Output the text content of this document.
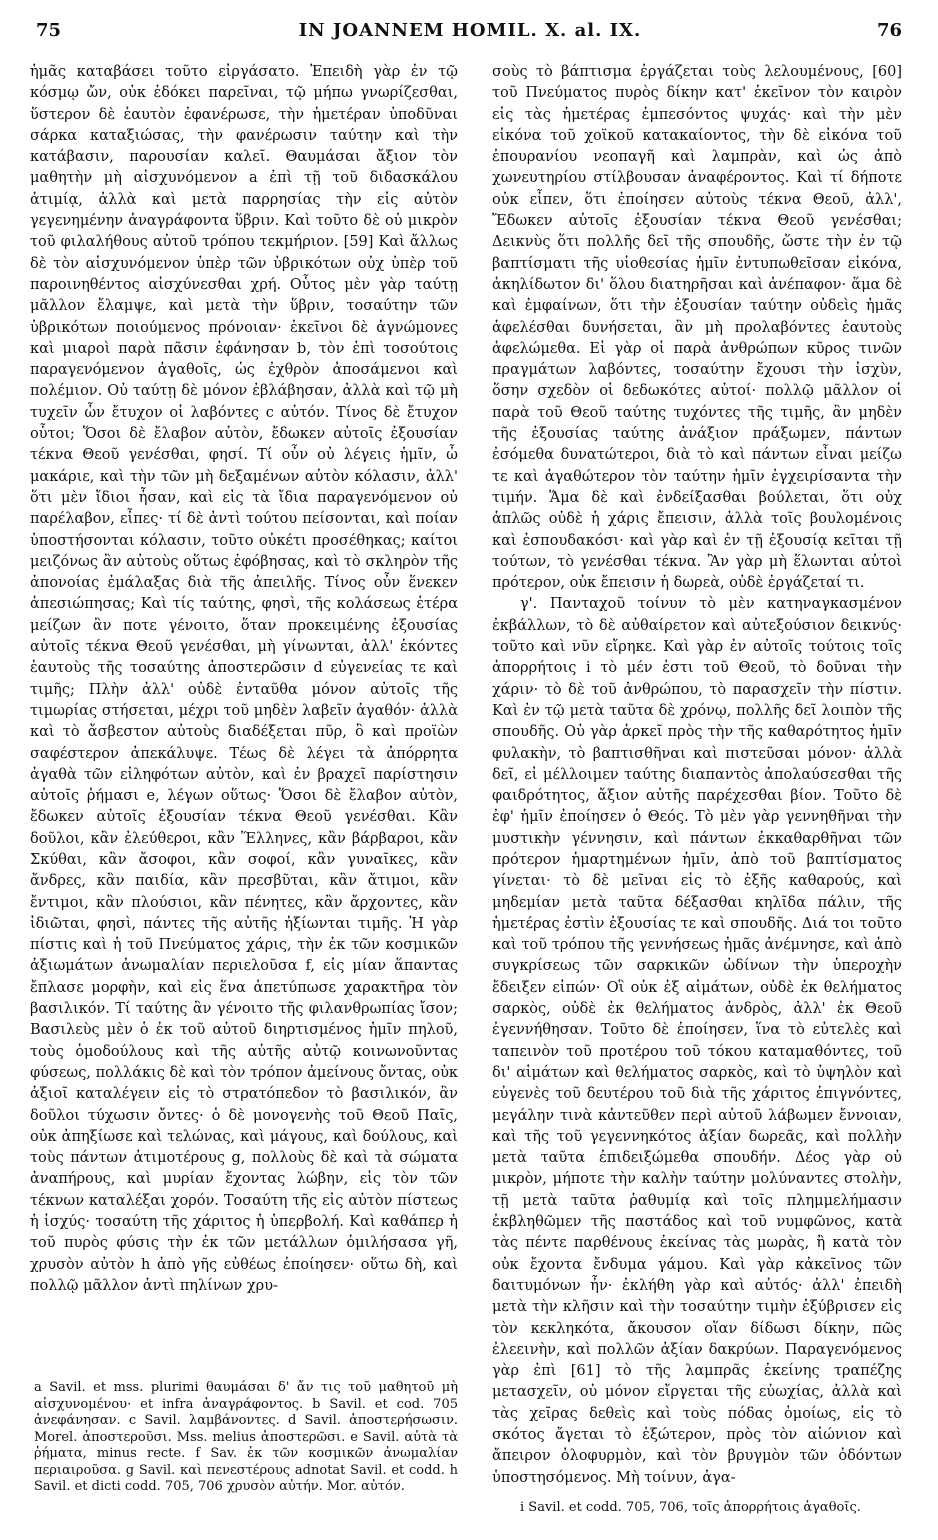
75	IN JOANNEM HOMIL. X. al. IX.	76

ἡμᾶς καταβάσει τοῦτο εἰργάσατο. Ἐπειδὴ γὰρ ἐν τῷ κόσμῳ ὤν, οὐκ ἐδόκει παρεῖναι, τῷ μήπω γνωρίζεσθαι, ὕστερον δὲ ἑαυτὸν ἐφανέρωσε, τὴν ἡμετέραν ὑποδῦναι σάρκα καταξιώσας, τὴν φανέρωσιν ταύτην καὶ τὴν κατάβασιν, παρουσίαν καλεῖ. Θαυμάσαι ἄξιον τὸν μαθητὴν μὴ αἰσχυνόμενον a ἐπὶ τῇ τοῦ διδασκάλου ἀτιμίᾳ, ἀλλὰ καὶ μετὰ παρρησίας τὴν εἰς αὐτὸν γεγενημένην ἀναγράφοντα ὕβριν. Καὶ τοῦτο δὲ οὐ μικρὸν τοῦ φιλαλήθους αὐτοῦ τρόπου τεκμήριον. [59] Καὶ ἄλλως δὲ τὸν αἰσχυνόμενον ὑπὲρ τῶν ὑβρικότων οὐχ ὑπὲρ τοῦ παροινηθέντος αἰσχύνεσθαι χρή. Οὗτος μὲν γὰρ ταύτῃ μᾶλλον ἔλαμψε, καὶ μετὰ τὴν ὕβριν, τοσαύτην τῶν ὑβρικότων ποιούμενος πρόνοιαν· ἐκεῖνοι δὲ ἀγνώμονες καὶ μιαροὶ παρὰ πᾶσιν ἐφάνησαν b, τὸν ἐπὶ τοσούτοις παραγενόμενον ἀγαθοῖς, ὡς ἐχθρὸν ἀποσάμενοι καὶ πολέμιον. Οὐ ταύτῃ δὲ μόνον ἐβλάβησαν, ἀλλὰ καὶ τῷ μὴ τυχεῖν ὧν ἔτυχον οἱ λαβόντες c αὐτόν. Τίνος δὲ ἔτυχον οὗτοι; Ὅσοι δὲ ἔλαβον αὐτὸν, ἔδωκεν αὐτοῖς ἐξουσίαν τέκνα Θεοῦ γενέσθαι, φησί. Τί οὖν οὐ λέγεις ἡμῖν, ὦ μακάριε, καὶ τὴν τῶν μὴ δεξαμένων αὐτὸν κόλασιν, ἀλλ' ὅτι μὲν ἴδιοι ἦσαν, καὶ εἰς τὰ ἴδια παραγενόμενον οὐ παρέλαβον, εἶπες· τί δὲ ἀντὶ τούτου πείσονται, καὶ ποίαν ὑποστήσονται κόλασιν, τοῦτο οὐκέτι προσέθηκας; καίτοι μειζόνως ἂν αὐτοὺς οὕτως ἐφόβησας, καὶ τὸ σκληρὸν τῆς ἀπονοίας ἐμάλαξας διὰ τῆς ἀπειλῆς. Τίνος οὖν ἕνεκεν ἀπεσιώπησας; Καὶ τίς ταύτης, φησὶ, τῆς κολάσεως ἑτέρα μείζων ἂν ποτε γένοιτο, ὅταν προκειμένης ἐξουσίας αὐτοῖς τέκνα Θεοῦ γενέσθαι, μὴ γίνωνται, ἀλλ' ἑκόντες ἑαυτοὺς τῆς τοσαύτης ἀποστερῶσιν d εὐγενείας τε καὶ τιμῆς; Πλὴν ἀλλ' οὐδὲ ἐνταῦθα μόνον αὐτοῖς τῆς τιμωρίας στήσεται, μέχρι τοῦ μηδὲν λαβεῖν ἀγαθόν· ἀλλὰ καὶ τὸ ἄσβεστον αὐτοὺς διαδέξεται πῦρ, ὃ καὶ προϊὼν σαφέστερον ἀπεκάλυψε. Τέως δὲ λέγει τὰ ἀπόρρητα ἀγαθὰ τῶν εἰληφότων αὐτὸν, καὶ ἐν βραχεῖ παρίστησιν αὐτοῖς ῥήμασι e, λέγων οὕτως· Ὅσοι δὲ ἔλαβον αὐτὸν, ἔδωκεν αὐτοῖς ἐξουσίαν τέκνα Θεοῦ γενέσθαι. Κἂν δοῦλοι, κἂν ἐλεύθεροι, κἂν Ἕλληνες, κἂν βάρβαροι, κἂν Σκύθαι, κἂν ἄσοφοι, κἂν σοφοί, κἂν γυναῖκες, κἂν ἄνδρες, κἂν παιδία, κἂν πρεσβῦται, κἂν ἄτιμοι, κἂν ἔντιμοι, κἂν πλούσιοι, κἂν πένητες, κἂν ἄρχοντες, κἂν ἰδιῶται, φησὶ, πάντες τῆς αὐτῆς ἠξίωνται τιμῆς. Ἡ γὰρ πίστις καὶ ἡ τοῦ Πνεύματος χάρις, τὴν ἐκ τῶν κοσμικῶν ἀξιωμάτων ἀνωμαλίαν περιελοῦσα f, εἰς μίαν ἅπαντας ἔπλασε μορφὴν, καὶ εἰς ἕνα ἀπετύπωσε χαρακτῆρα τὸν βασιλικόν. Τί ταύτης ἂν γένοιτο τῆς φιλανθρωπίας ἴσον; Βασιλεὺς μὲν ὁ ἐκ τοῦ αὐτοῦ διηρτισμένος ἡμῖν πηλοῦ, τοὺς ὁμοδούλους καὶ τῆς αὐτῆς αὐτῷ κοινωνοῦντας φύσεως, πολλάκις δὲ καὶ τὸν τρόπον ἀμείνους ὄντας, οὐκ ἀξιοῖ καταλέγειν εἰς τὸ στρατόπεδον τὸ βασιλικόν, ἂν δοῦλοι τύχωσιν ὄντες· ὁ δὲ μονογενὴς τοῦ Θεοῦ Παῖς, οὐκ ἀπηξίωσε καὶ τελώνας, καὶ μάγους, καὶ δούλους, καὶ τοὺς πάντων ἀτιμοτέρους g, πολλοὺς δὲ καὶ τὰ σώματα ἀναπήρους, καὶ μυρίαν ἔχοντας λώβην, εἰς τὸν τῶν τέκνων καταλέξαι χορόν. Τοσαύτη τῆς εἰς αὐτὸν πίστεως ἡ ἰσχύς· τοσαύτη τῆς χάριτος ἡ ὑπερβολή. Καὶ καθάπερ ἡ τοῦ πυρὸς φύσις τὴν ἐκ τῶν μετάλλων ὁμιλήσασα γῆ, χρυσὸν αὐτὸν h ἀπὸ γῆς εὐθέως ἐποίησεν· οὕτω δὴ, καὶ πολλῷ μᾶλλον ἀντὶ πηλίνων χρυ-

σοὺς τὸ βάπτισμα ἐργάζεται τοὺς λελουμένους, [60] τοῦ Πνεύματος πυρὸς δίκην κατ' ἐκεῖνον τὸν καιρὸν εἰς τὰς ἡμετέρας ἐμπεσόντος ψυχάς· καὶ τὴν μὲν εἰκόνα τοῦ χοϊκοῦ κατακαίοντος, τὴν δὲ εἰκόνα τοῦ ἐπουρανίου νεοπαγῆ καὶ λαμπρὰν, καὶ ὡς ἀπὸ χωνευτηρίου στίλβουσαν ἀναφέροντος. Καὶ τί δήποτε οὐκ εἶπεν, ὅτι ἐποίησεν αὐτοὺς τέκνα Θεοῦ, ἀλλ', Ἔδωκεν αὐτοῖς ἐξουσίαν τέκνα Θεοῦ γενέσθαι; Δεικνὺς ὅτι πολλῆς δεῖ τῆς σπουδῆς, ὥστε τὴν ἐν τῷ βαπτίσματι τῆς υἱοθεσίας ἡμῖν ἐντυπωθεῖσαν εἰκόνα, ἀκηλίδωτον δι' ὅλου διατηρῆσαι καὶ ἀνέπαφον· ἅμα δὲ καὶ ἐμφαίνων, ὅτι τὴν ἐξουσίαν ταύτην οὐδεὶς ἡμᾶς ἀφελέσθαι δυνήσεται, ἂν μὴ προλαβόντες ἑαυτοὺς ἀφελώμεθα. Εἰ γὰρ οἱ παρὰ ἀνθρώπων κῦρος τινῶν πραγμάτων λαβόντες, τοσαύτην ἔχουσι τὴν ἰσχὺν, ὅσην σχεδὸν οἱ δεδωκότες αὐτοί· πολλῷ μᾶλλον οἱ παρὰ τοῦ Θεοῦ ταύτης τυχόντες τῆς τιμῆς, ἂν μηδὲν τῆς ἐξουσίας ταύτης ἀνάξιον πράξωμεν, πάντων ἐσόμεθα δυνατώτεροι, διὰ τὸ καὶ πάντων εἶναι μείζω τε καὶ ἀγαθώτερον τὸν ταύτην ἡμῖν ἐγχειρίσαντα τὴν τιμήν. Ἅμα δὲ καὶ ἐνδείξασθαι βούλεται, ὅτι οὐχ ἁπλῶς οὐδὲ ἡ χάρις ἔπεισιν, ἀλλὰ τοῖς βουλομένοις καὶ ἐσπουδακόσι· καὶ γὰρ καὶ ἐν τῇ ἐξουσίᾳ κεῖται τῇ τούτων, τὸ γενέσθαι τέκνα. Ἂν γὰρ μὴ ἕλωνται αὐτοὶ πρότερον, οὐκ ἔπεισιν ἡ δωρεὰ, οὐδὲ ἐργάζεταί τι.

γ'. Πανταχοῦ τοίνυν τὸ μὲν κατηναγκασμένον ἐκβάλλων, τὸ δὲ αὐθαίρετον καὶ αὐτεξούσιον δεικνύς· τοῦτο καὶ νῦν εἴρηκε. Καὶ γὰρ ἐν αὐτοῖς τούτοις τοῖς ἀπορρήτοις i τὸ μέν ἐστι τοῦ Θεοῦ, τὸ δοῦναι τὴν χάριν· τὸ δὲ τοῦ ἀνθρώπου, τὸ παρασχεῖν τὴν πίστιν. Καὶ ἐν τῷ μετὰ ταῦτα δὲ χρόνῳ, πολλῆς δεῖ λοιπὸν τῆς σπουδῆς. Οὐ γὰρ ἀρκεῖ πρὸς τὴν τῆς καθαρότητος ἡμῖν φυλακὴν, τὸ βαπτισθῆναι καὶ πιστεῦσαι μόνον· ἀλλὰ δεῖ, εἰ μέλλοιμεν ταύτης διαπαντὸς ἀπολαύσεσθαι τῆς φαιδρότητος, ἄξιον αὐτῆς παρέχεσθαι βίον. Τοῦτο δὲ ἐφ' ἡμῖν ἐποίησεν ὁ Θεός. Τὸ μὲν γὰρ γεννηθῆναι τὴν μυστικὴν γέννησιν, καὶ πάντων ἐκκαθαρθῆναι τῶν πρότερον ἡμαρτημένων ἡμῖν, ἀπὸ τοῦ βαπτίσματος γίνεται· τὸ δὲ μεῖναι εἰς τὸ ἑξῆς καθαρούς, καὶ μηδεμίαν μετὰ ταῦτα δέξασθαι κηλῖδα πάλιν, τῆς ἡμετέρας ἐστὶν ἐξουσίας τε καὶ σπουδῆς. Διά τοι τοῦτο καὶ τοῦ τρόπου τῆς γεννήσεως ἡμᾶς ἀνέμνησε, καὶ ἀπὸ συγκρίσεως τῶν σαρκικῶν ὠδίνων τὴν ὑπεροχὴν ἔδειξεν εἰπών· Οἳ οὐκ ἐξ αἱμάτων, οὐδὲ ἐκ θελήματος σαρκὸς, οὐδὲ ἐκ θελήματος ἀνδρὸς, ἀλλ' ἐκ Θεοῦ ἐγεννήθησαν. Τοῦτο δὲ ἐποίησεν, ἵνα τὸ εὐτελὲς καὶ ταπεινὸν τοῦ προτέρου τοῦ τόκου καταμαθόντες, τοῦ δι' αἱμάτων καὶ θελήματος σαρκὸς, καὶ τὸ ὑψηλὸν καὶ εὐγενὲς τοῦ δευτέρου τοῦ διὰ τῆς χάριτος ἐπιγνόντες, μεγάλην τινὰ κἀντεῦθεν περὶ αὐτοῦ λάβωμεν ἔννοιαν, καὶ τῆς τοῦ γεγεννηκότος ἀξίαν δωρεᾶς, καὶ πολλὴν μετὰ ταῦτα ἐπιδειξώμεθα σπουδήν. Δέος γὰρ οὐ μικρὸν, μήποτε τὴν καλὴν ταύτην μολύναντες στολὴν, τῇ μετὰ ταῦτα ῥαθυμίᾳ καὶ τοῖς πλημμελήμασιν ἐκβληθῶμεν τῆς παστάδος καὶ τοῦ νυμφῶνος, κατὰ τὰς πέντε παρθένους ἐκείνας τὰς μωρὰς, ἢ κατὰ τὸν οὐκ ἔχοντα ἔνδυμα γάμου. Καὶ γὰρ κἀκεῖνος τῶν δαιτυμόνων ἦν· ἐκλήθη γὰρ καὶ αὐτός· ἀλλ' ἐπειδὴ μετὰ τὴν κλῆσιν καὶ τὴν τοσαύτην τιμὴν ἐξύβρισεν εἰς τὸν κεκληκότα, ἄκουσον οἵαν δίδωσι δίκην, πῶς ἐλεεινὴν, καὶ πολλῶν ἀξίαν δακρύων. Παραγενόμενος γὰρ ἐπὶ [61] τὸ τῆς λαμπρᾶς ἐκείνης τραπέζης μετασχεῖν, οὐ μόνον εἴργεται τῆς εὐωχίας, ἀλλὰ καὶ τὰς χεῖρας δεθεὶς καὶ τοὺς πόδας ὁμοίως, εἰς τὸ σκότος ἄγεται τὸ ἐξώτερον, πρὸς τὸν αἰώνιον καὶ ἄπειρον ὀλοφυρμὸν, καὶ τὸν βρυγμὸν τῶν ὀδόντων ὑποστησόμενος. Μὴ τοίνυν, ἀγα-

a Savil. et mss. plurimi θαυμάσαι δ' ἄν τις τοῦ μαθητοῦ μὴ αἰσχυνομένου· et infra ἀναγράφοντος. b Savil. et cod. 705 ἀνεφάνησαν. c Savil. λαμβάνοντες. d Savil. ἀποστερήσωσιν. Morel. ἀποστεροῦσι. Mss. melius ἀποστερῶσι. e Savil. αὐτὰ τὰ ῥήματα, minus recte. f Sav. ἐκ τῶν κοσμικῶν ἀνωμαλίαν περιαιροῦσα. g Savil. καὶ πενεστέρους adnotat Savil. et codd. h Savil. et dicti codd. 705, 706 χρυσὸν αὐτήν. Mor. αὐτόν.

i Savil. et codd. 705, 706, τοῖς ἀπορρήτοις ἀγαθοῖς.
